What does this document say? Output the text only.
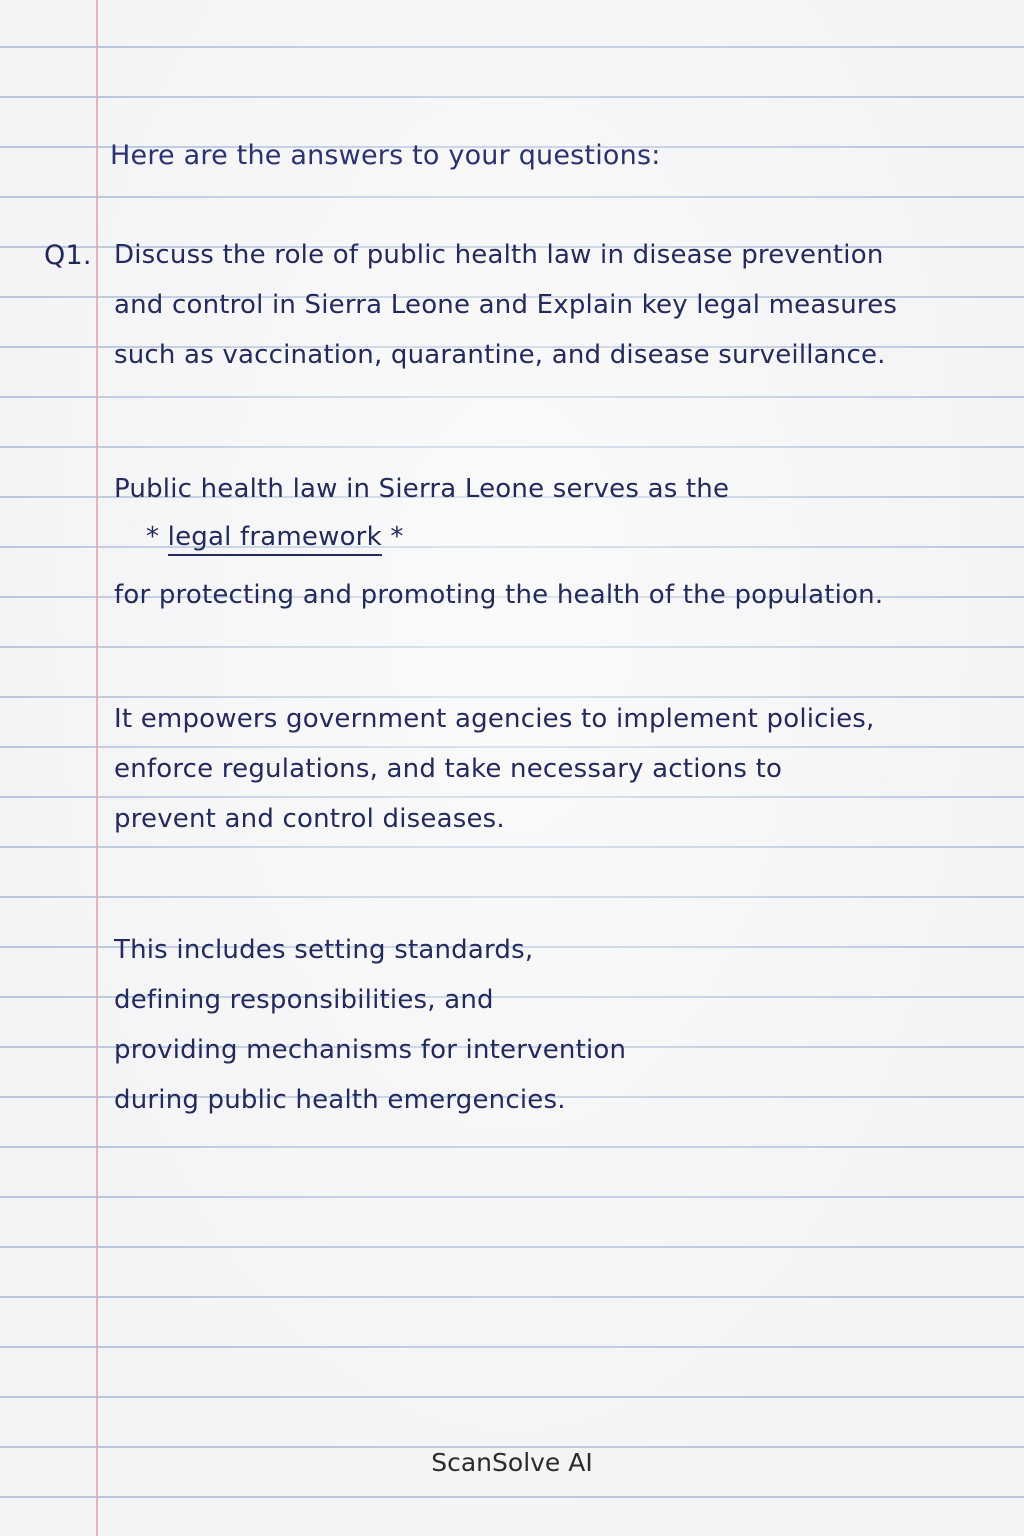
Here are the answers to your questions:
Q1. Discuss the role of public health law in disease prevention
and control in Sierra Leone and Explain key legal measures
such as vaccination, quarantine, and disease surveillance.
Public health law in Sierra Leone serves as the
* legal framework *
for protecting and promoting the health of the population.
It empowers government agencies to implement policies,
enforce regulations, and take necessary actions to
prevent and control diseases.
This includes setting standards,
defining responsibilities, and
providing mechanisms for intervention
during public health emergencies.
ScanSolve AI
